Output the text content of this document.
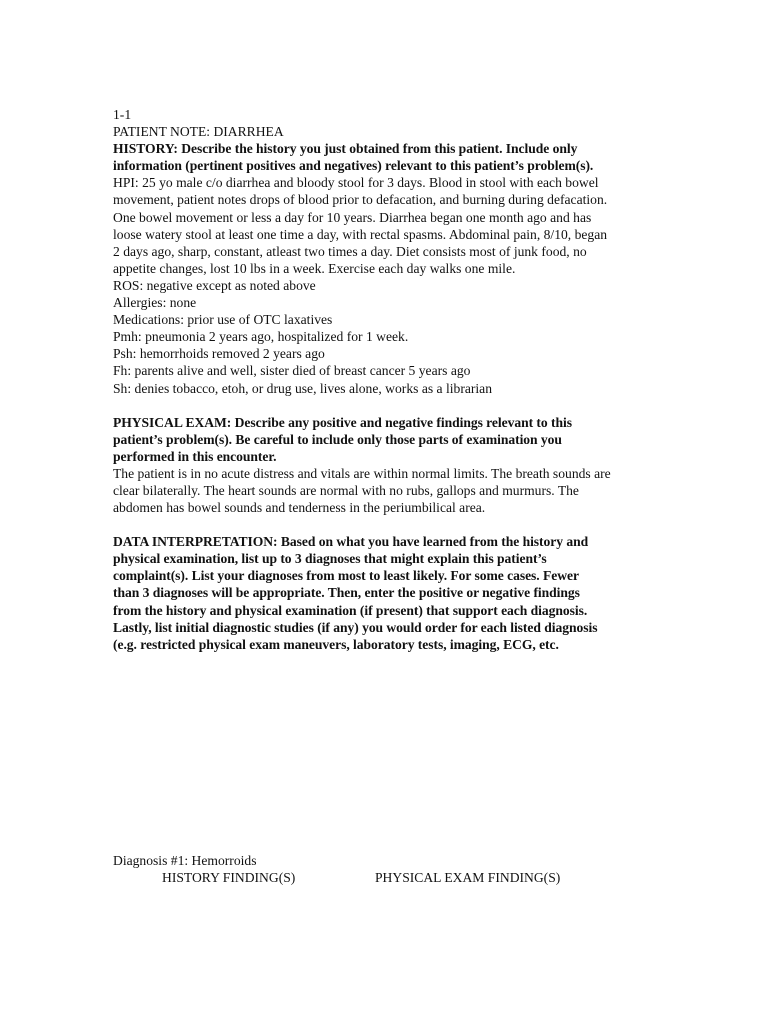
1-1
PATIENT NOTE: DIARRHEA
HISTORY: Describe the history you just obtained from this patient. Include only
information (pertinent positives and negatives) relevant to this patient’s problem(s).
HPI: 25 yo male c/o diarrhea and bloody stool for 3 days. Blood in stool with each bowel
movement, patient notes drops of blood prior to defacation, and burning during defacation.
One bowel movement or less a day for 10 years. Diarrhea began one month ago and has
loose watery stool at least one time a day, with rectal spasms. Abdominal pain, 8/10, began
2 days ago, sharp, constant, atleast two times a day. Diet consists most of junk food, no
appetite changes, lost 10 lbs in a week. Exercise each day walks one mile.
ROS: negative except as noted above
Allergies: none
Medications: prior use of OTC laxatives
Pmh: pneumonia 2 years ago, hospitalized for 1 week.
Psh: hemorrhoids removed 2 years ago
Fh: parents alive and well, sister died of breast cancer 5 years ago
Sh: denies tobacco, etoh, or drug use, lives alone, works as a librarian
PHYSICAL EXAM: Describe any positive and negative findings relevant to this
patient’s problem(s). Be careful to include only those parts of examination you
performed in this encounter.
The patient is in no acute distress and vitals are within normal limits. The breath sounds are
clear bilaterally. The heart sounds are normal with no rubs, gallops and murmurs. The
abdomen has bowel sounds and tenderness in the periumbilical area.
DATA INTERPRETATION: Based on what you have learned from the history and
physical examination, list up to 3 diagnoses that might explain this patient’s
complaint(s). List your diagnoses from most to least likely. For some cases. Fewer
than 3 diagnoses will be appropriate. Then, enter the positive or negative findings
from the history and physical examination (if present) that support each diagnosis.
Lastly, list initial diagnostic studies (if any) you would order for each listed diagnosis
(e.g. restricted physical exam maneuvers, laboratory tests, imaging, ECG, etc.
Diagnosis #1: Hemorroids
HISTORY FINDING(S)	PHYSICAL EXAM FINDING(S)
